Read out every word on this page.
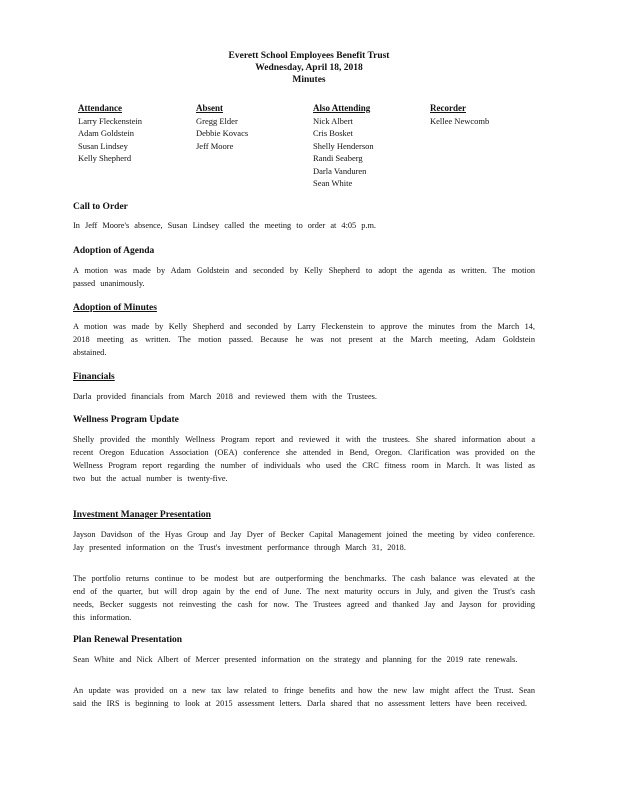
Everett School Employees Benefit Trust
Wednesday, April 18, 2018
Minutes
Attendance
Larry Fleckenstein
Adam Goldstein
Susan Lindsey
Kelly Shepherd
Absent
Gregg Elder
Debbie Kovacs
Jeff Moore
Also Attending
Nick Albert
Cris Bosket
Shelly Henderson
Randi Seaberg
Darla Vanduren
Sean White
Recorder
Kellee Newcomb
Call to Order
In Jeff Moore's absence, Susan Lindsey called the meeting to order at 4:05 p.m.
Adoption of Agenda
A motion was made by Adam Goldstein and seconded by Kelly Shepherd to adopt the agenda as written. The motion passed unanimously.
Adoption of Minutes
A motion was made by Kelly Shepherd and seconded by Larry Fleckenstein to approve the minutes from the March 14, 2018 meeting as written. The motion passed. Because he was not present at the March meeting, Adam Goldstein abstained.
Financials
Darla provided financials from March 2018 and reviewed them with the Trustees.
Wellness Program Update
Shelly provided the monthly Wellness Program report and reviewed it with the trustees. She shared information about a recent Oregon Education Association (OEA) conference she attended in Bend, Oregon. Clarification was provided on the Wellness Program report regarding the number of individuals who used the CRC fitness room in March. It was listed as two but the actual number is twenty-five.
Investment Manager Presentation
Jayson Davidson of the Hyas Group and Jay Dyer of Becker Capital Management joined the meeting by video conference. Jay presented information on the Trust's investment performance through March 31, 2018.
The portfolio returns continue to be modest but are outperforming the benchmarks. The cash balance was elevated at the end of the quarter, but will drop again by the end of June. The next maturity occurs in July, and given the Trust's cash needs, Becker suggests not reinvesting the cash for now. The Trustees agreed and thanked Jay and Jayson for providing this information.
Plan Renewal Presentation
Sean White and Nick Albert of Mercer presented information on the strategy and planning for the 2019 rate renewals.
An update was provided on a new tax law related to fringe benefits and how the new law might affect the Trust. Sean said the IRS is beginning to look at 2015 assessment letters. Darla shared that no assessment letters have been received.
